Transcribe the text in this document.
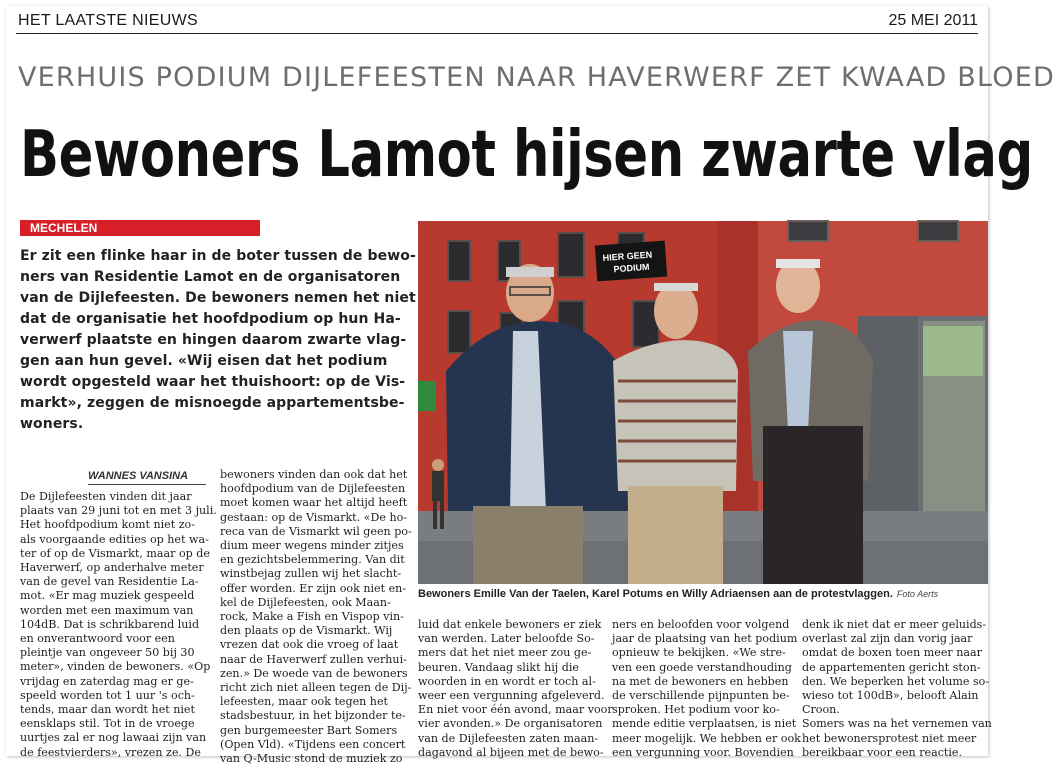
HET LAATSTE NIEUWS	25 MEI 2011
VERHUIS PODIUM DIJLEFEESTEN NAAR HAVERWERF ZET KWAAD BLOED
Bewoners Lamot hijsen zwarte vlag
MECHELEN
Er zit een flinke haar in de boter tussen de bewo-
ners van Residentie Lamot en de organisatoren
van de Dijlefeesten. De bewoners nemen het niet
dat de organisatie het hoofdpodium op hun Ha-
verwerf plaatste en hingen daarom zwarte vlag-
gen aan hun gevel. «Wij eisen dat het podium
wordt opgesteld waar het thuishoort: op de Vis-
markt», zeggen de misnoegde appartementsbe-
woners.
WANNES VANSINA
De Dijlefeesten vinden dit jaar
plaats van 29 juni tot en met 3 juli.
Het hoofdpodium komt niet zo-
als voorgaande edities op het wa-
ter of op de Vismarkt, maar op de
Haverwerf, op anderhalve meter
van de gevel van Residentie La-
mot. «Er mag muziek gespeeld
worden met een maximum van
104dB. Dat is schrikbarend luid
en onverantwoord voor een
pleintje van ongeveer 50 bij 30
meter», vinden de bewoners. «Op
vrijdag en zaterdag mag er ge-
speeld worden tot 1 uur 's och-
tends, maar dan wordt het niet
eensklaps stil. Tot in de vroege
uurtjes zal er nog lawaai zijn van
de feestvierders», vrezen ze. De
bewoners vinden dan ook dat het
hoofdpodium van de Dijlefeesten
moet komen waar het altijd heeft
gestaan: op de Vismarkt. «De ho-
reca van de Vismarkt wil geen po-
dium meer wegens minder zitjes
en gezichtsbelemmering. Van dit
winstbejag zullen wij het slacht-
offer worden. Er zijn ook niet en-
kel de Dijlefeesten, ook Maan-
rock, Make a Fish en Vispop vin-
den plaats op de Vismarkt. Wij
vrezen dat ook die vroeg of laat
naar de Haverwerf zullen verhui-
zen.» De woede van de bewoners
richt zich niet alleen tegen de Dij-
lefeesten, maar ook tegen het
stadsbestuur, in het bijzonder te-
gen burgemeester Bart Somers
(Open Vld). «Tijdens een concert
van Q-Music stond de muziek zo
luid dat enkele bewoners er ziek
van werden. Later beloofde So-
mers dat het niet meer zou ge-
beuren. Vandaag slikt hij die
woorden in en wordt er toch al-
weer een vergunning afgeleverd.
En niet voor één avond, maar voor
vier avonden.» De organisatoren
van de Dijlefeesten zaten maan-
dagavond al bijeen met de bewo-
ners en beloofden voor volgend
jaar de plaatsing van het podium
opnieuw te bekijken. «We stre-
ven een goede verstandhouding
na met de bewoners en hebben
de verschillende pijnpunten be-
sproken. Het podium voor ko-
mende editie verplaatsen, is niet
meer mogelijk. We hebben er ook
een vergunning voor. Bovendien
denk ik niet dat er meer geluids-
overlast zal zijn dan vorig jaar
omdat de boxen toen meer naar
de appartementen gericht ston-
den. We beperken het volume so-
wieso tot 100dB», belooft Alain
Croon.
Somers was na het vernemen van
het bewonersprotest niet meer
bereikbaar voor een reactie.
HIER GEEN
PODIUM
Bewoners Emille Van der Taelen, Karel Potums en Willy Adriaensen aan de protestvlaggen. Foto Aerts
